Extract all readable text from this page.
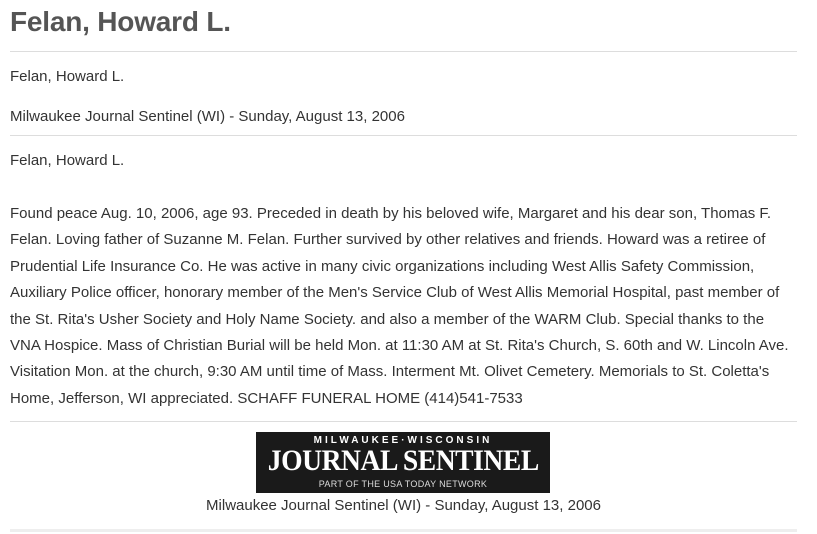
Felan, Howard L.
Felan, Howard L.
Milwaukee Journal Sentinel (WI) - Sunday, August 13, 2006
Felan, Howard L.

Found peace Aug. 10, 2006, age 93. Preceded in death by his beloved wife, Margaret and his dear son, Thomas F. Felan. Loving father of Suzanne M. Felan. Further survived by other relatives and friends. Howard was a retiree of Prudential Life Insurance Co. He was active in many civic organizations including West Allis Safety Commission, Auxiliary Police officer, honorary member of the Men's Service Club of West Allis Memorial Hospital, past member of the St. Rita's Usher Society and Holy Name Society. and also a member of the WARM Club. Special thanks to the VNA Hospice. Mass of Christian Burial will be held Mon. at 11:30 AM at St. Rita's Church, S. 60th and W. Lincoln Ave. Visitation Mon. at the church, 9:30 AM until time of Mass. Interment Mt. Olivet Cemetery. Memorials to St. Coletta's Home, Jefferson, WI appreciated. SCHAFF FUNERAL HOME (414)541-7533

MILWAUKEE·WISCONSIN
JOURNAL SENTINEL
PART OF THE USA TODAY NETWORK
Milwaukee Journal Sentinel (WI) - Sunday, August 13, 2006
